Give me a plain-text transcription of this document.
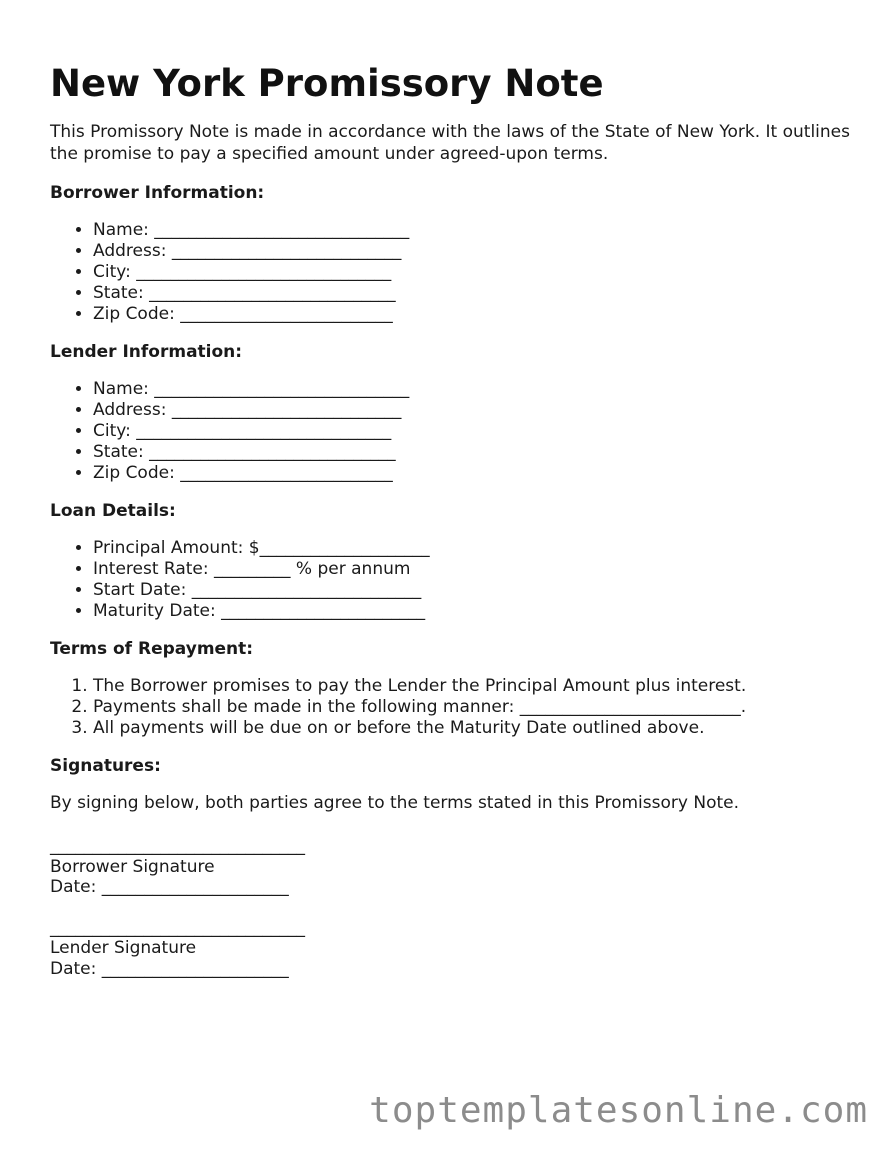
New York Promissory Note

This Promissory Note is made in accordance with the laws of the State of New York. It outlines the promise to pay a specified amount under agreed-upon terms.

Borrower Information:
• Name: ______________________________
• Address: ___________________________
• City: ______________________________
• State: _____________________________
• Zip Code: _________________________
Lender Information:
• Name: ______________________________
• Address: ___________________________
• City: ______________________________
• State: _____________________________
• Zip Code: _________________________
Loan Details:
• Principal Amount: $____________________
• Interest Rate: _________ % per annum
• Start Date: ___________________________
• Maturity Date: ________________________
Terms of Repayment:
1. The Borrower promises to pay the Lender the Principal Amount plus interest.
2. Payments shall be made in the following manner: __________________________.
3. All payments will be due on or before the Maturity Date outlined above.
Signatures:

By signing below, both parties agree to the terms stated in this Promissory Note.

______________________________
Borrower Signature
Date: ______________________
______________________________
Lender Signature
Date: ______________________
toptemplatesonline.com
